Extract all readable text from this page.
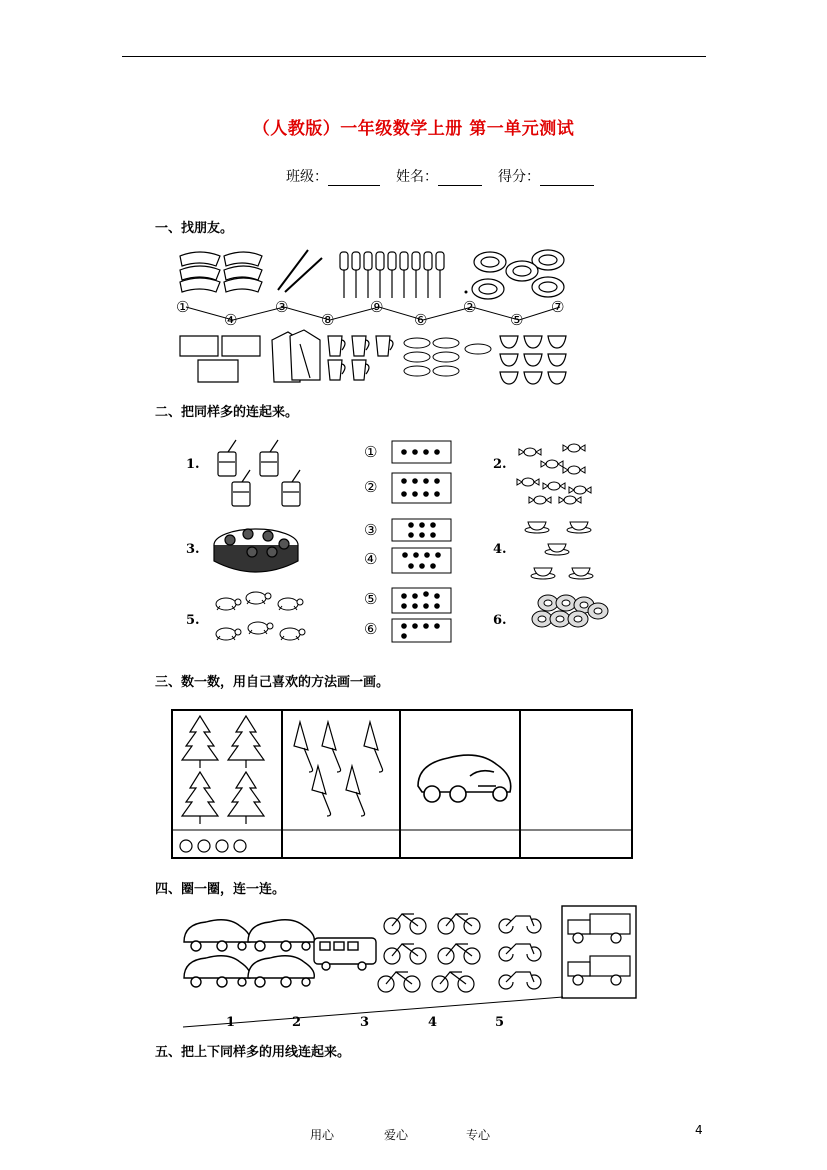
（人教版）一年级数学上册 第一单元测试
班级：	姓名：	得分：
一、找朋友。
①
④
③
⑧
⑨
⑥
②
⑤
⑦
二、把同样多的连起来。
1.
3.
5.
2.
4.
6.
①
②
③
④
⑤
⑥
三、数一数，用自己喜欢的方法画一画。
四、圈一圈，连一连。
1	2	3	4	5
五、把上下同样多的用线连起来。
用心	爱心	专心	4
